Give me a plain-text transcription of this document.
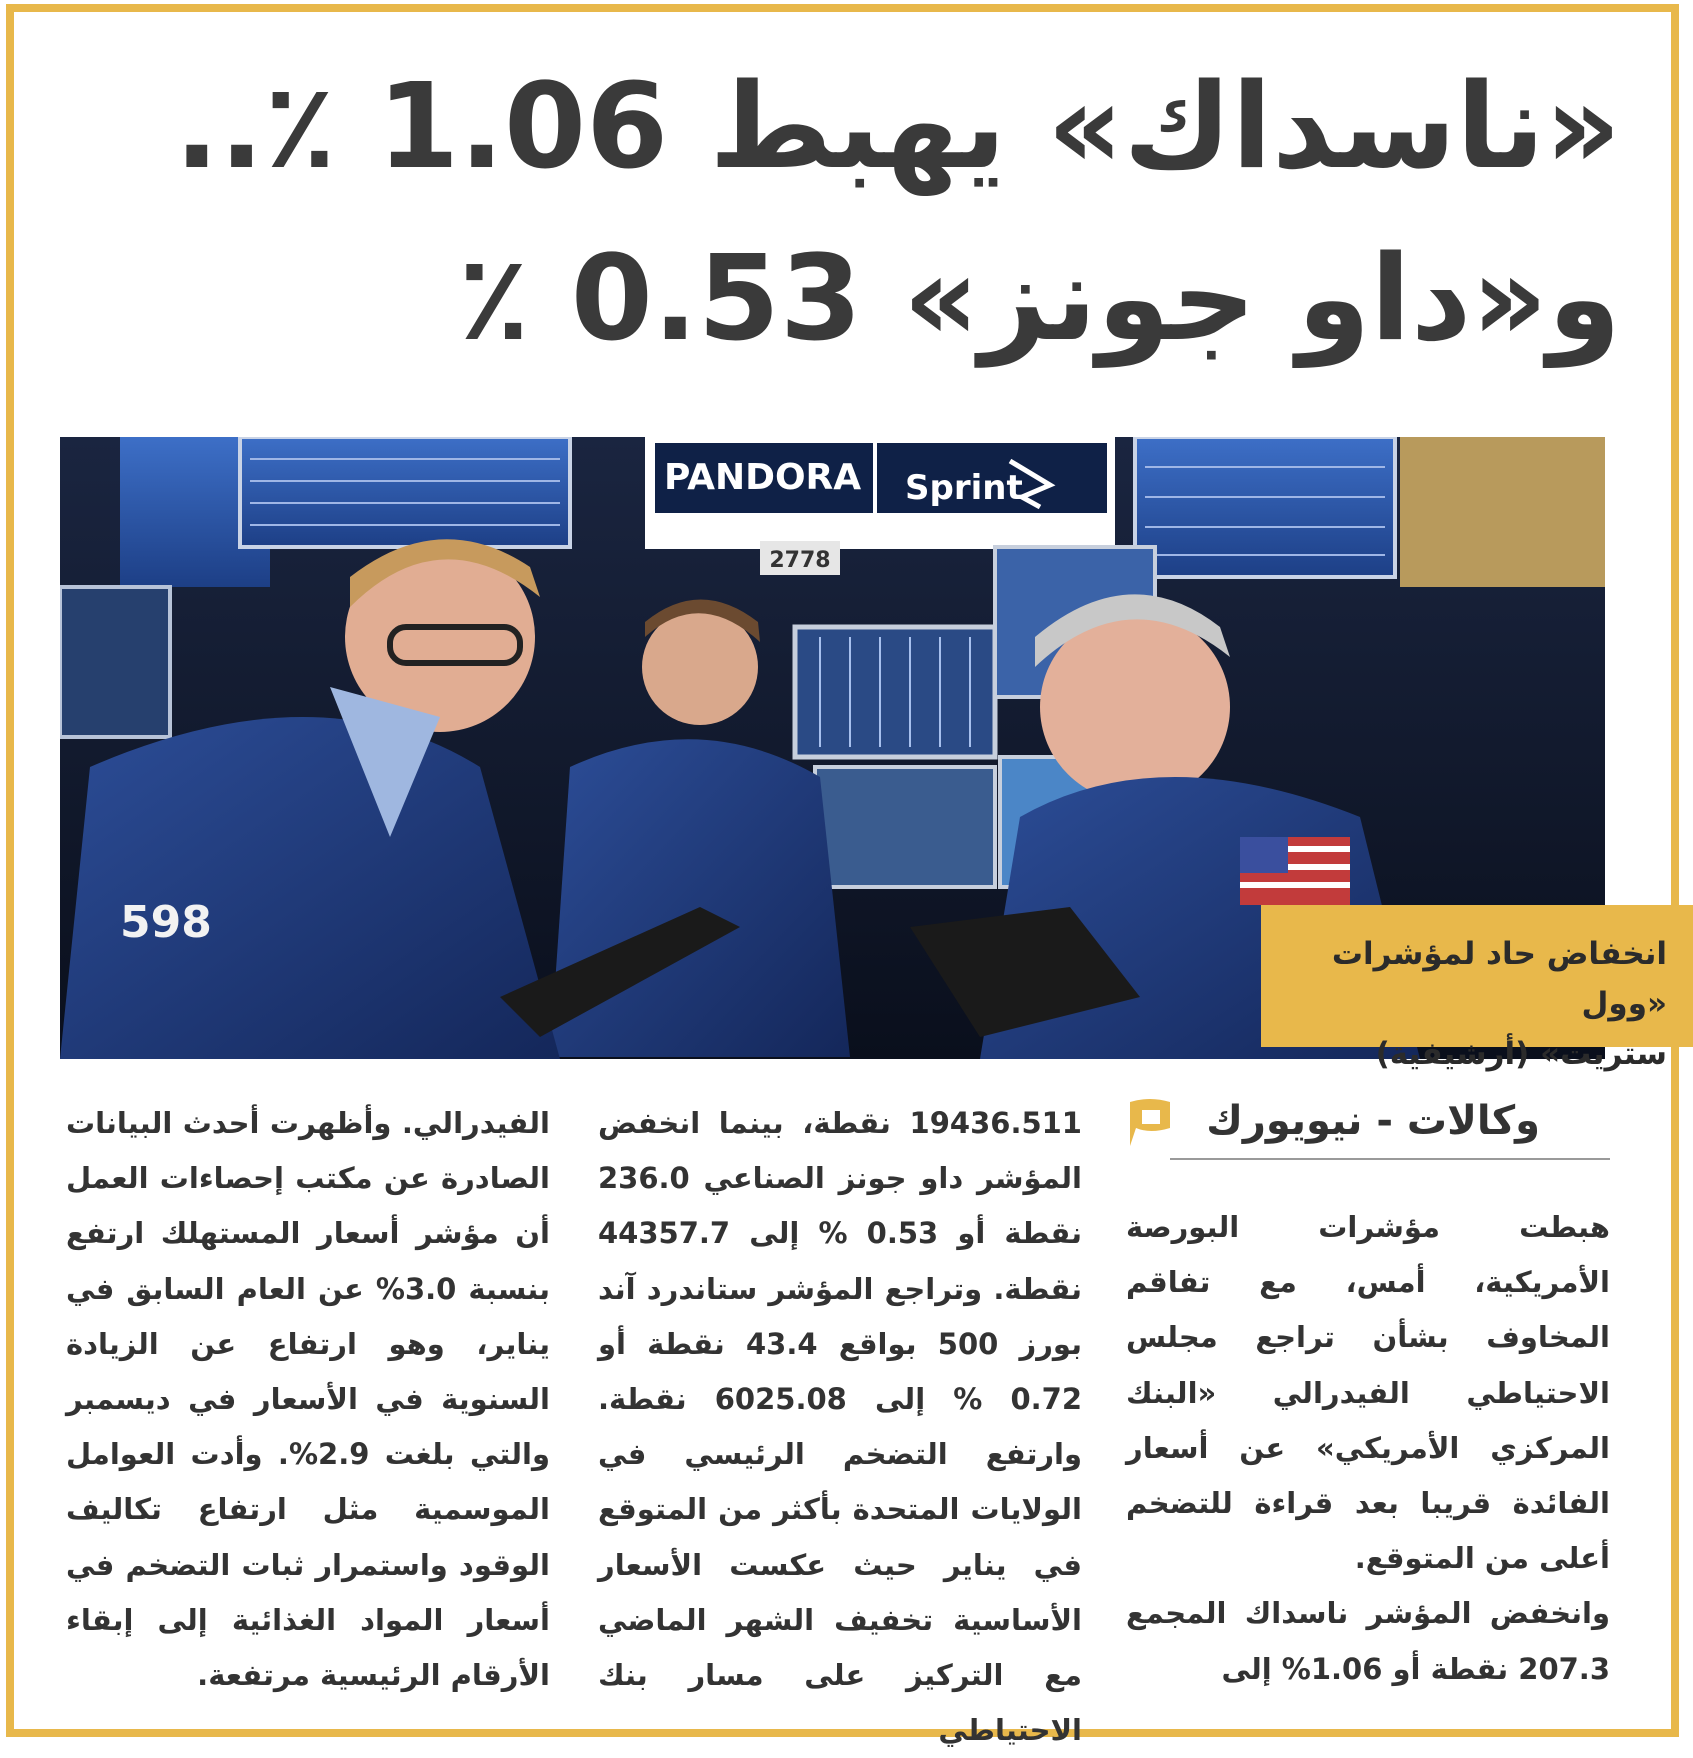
«ناسداك» يهبط 1.06 ٪..
و«داو جونز» 0.53 ٪
PANDORA Sprint
2778
598
انخفاض حاد لمؤشرات «وول
ستريت» (أرشيفية)
وكالات - نيويورك

هبطت مؤشرات البورصة الأمريكية، أمس، مع تفاقم المخاوف بشأن تراجع مجلس الاحتياطي الفيدرالي «البنك المركزي الأمريكي» عن أسعار الفائدة قريبا بعد قراءة للتضخم أعلى من المتوقع.

وانخفض المؤشر ناسداك المجمع 207.3 نقطة أو 1.06% إلى

19436.511 نقطة، بينما انخفض المؤشر داو جونز الصناعي 236.0 نقطة أو 0.53 % إلى 44357.7 نقطة. وتراجع المؤشر ستاندرد آند بورز 500 بواقع 43.4 نقطة أو 0.72 % إلى 6025.08 نقطة. وارتفع التضخم الرئيسي في الولايات المتحدة بأكثر من المتوقع في يناير حيث عكست الأسعار الأساسية تخفيف الشهر الماضي مع التركيز على مسار بنك الاحتياطي

الفيدرالي. وأظهرت أحدث البيانات الصادرة عن مكتب إحصاءات العمل أن مؤشر أسعار المستهلك ارتفع بنسبة 3.0% عن العام السابق في يناير، وهو ارتفاع عن الزيادة السنوية في الأسعار في ديسمبر والتي بلغت 2.9%. وأدت العوامل الموسمية مثل ارتفاع تكاليف الوقود واستمرار ثبات التضخم في أسعار المواد الغذائية إلى إبقاء الأرقام الرئيسية مرتفعة.
